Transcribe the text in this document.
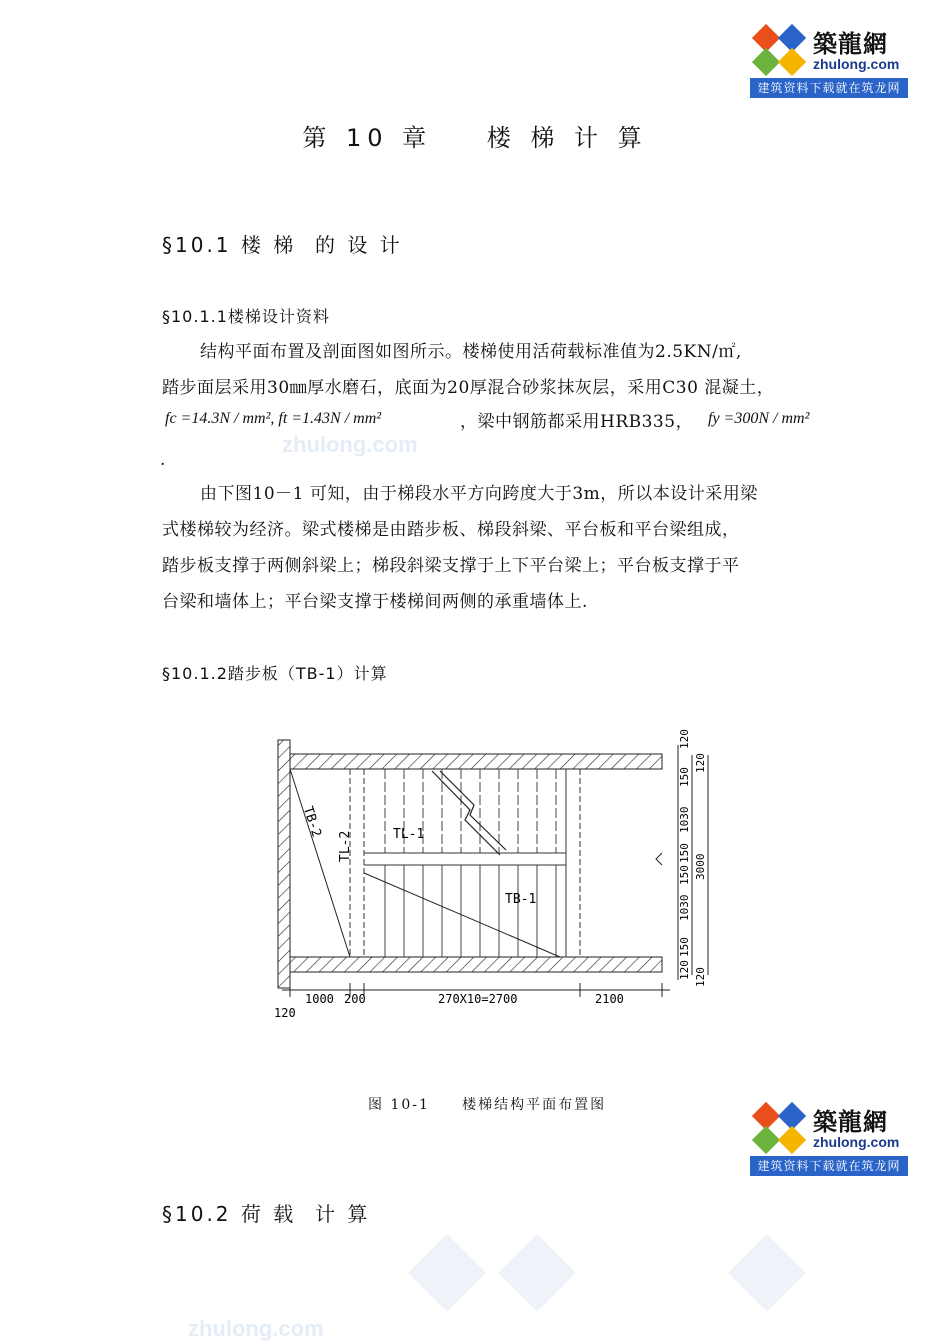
築龍網
zhulong.com
建筑资料下载就在筑龙网
第 10 章    楼 梯 计 算
§10.1 楼 梯  的 设 计
§10.1.1楼梯设计资料
结构平面布置及剖面图如图所示。楼梯使用活荷载标准值为2.5KN/㎡,
踏步面层采用30㎜厚水磨石，底面为20厚混合砂浆抹灰层，采用C30 混凝土，
fc =14.3N / mm², ft =1.43N / mm²	，梁中钢筋都采用HRB335， fy =300N / mm²
.
zhulong.com
由下图10－1 可知，由于梯段水平方向跨度大于3m，所以本设计采用梁
式楼梯较为经济。梁式楼梯是由踏步板、梯段斜梁、平台板和平台梁组成，
踏步板支撑于两侧斜梁上；梯段斜梁支撑于上下平台梁上；平台板支撑于平
台梁和墙体上；平台梁支撑于楼梯间两侧的承重墙体上.
§10.1.2踏步板（TB-1）计算
TB-2
TL-2	TL-1
TB-1
1000 200	270X10=2700	2100
120
120
150
1030
150
150
1030
150
120
3000
120
120
图 10-1     楼梯结构平面布置图
築龍網
zhulong.com
建筑资料下载就在筑龙网
§10.2 荷 载  计 算
zhulong.com
